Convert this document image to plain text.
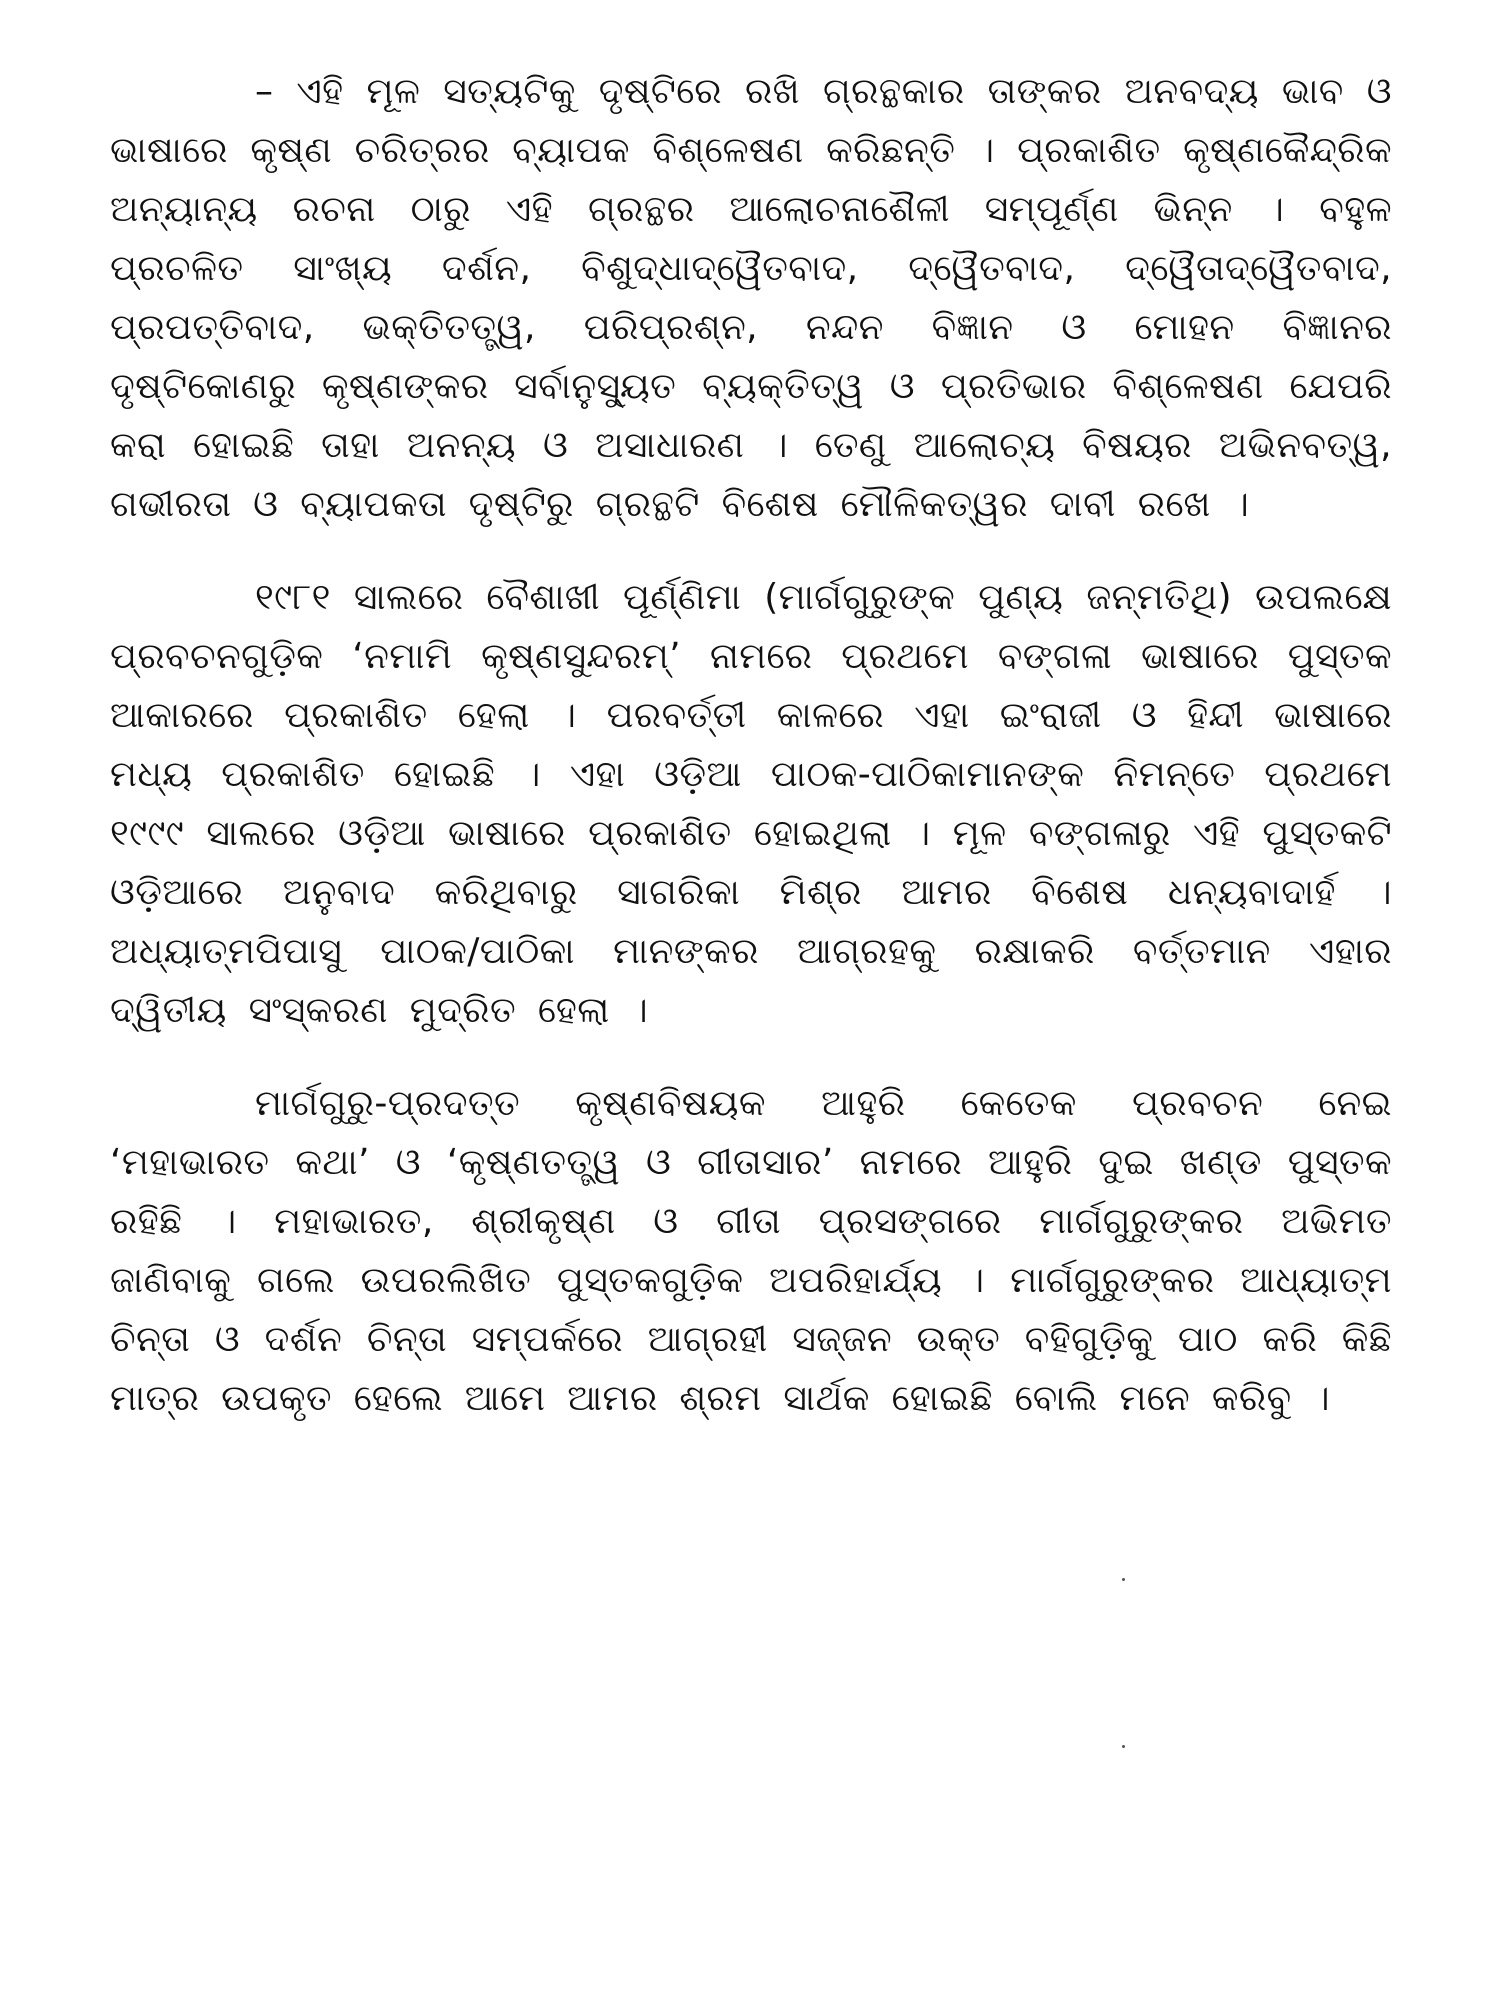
– ଏହି ମୂଳ ସତ୍ୟଟିକୁ ଦୃଷ୍ଟିରେ ରଖି ଗ୍ରନ୍ଥକାର ତାଙ୍କର ଅନବଦ୍ୟ ଭାବ ଓ ଭାଷାରେ କୃଷ୍ଣ ଚରିତ୍ରର ବ୍ୟାପକ ବିଶ୍ଳେଷଣ କରିଛନ୍ତି । ପ୍ରକାଶିତ କୃଷ୍ଣକୈନ୍ଦ୍ରିକ ଅନ୍ୟାନ୍ୟ ରଚନା ଠାରୁ ଏହି ଗ୍ରନ୍ଥର ଆଲୋଚନାଶୈଳୀ ସମ୍ପୂର୍ଣ୍ଣ ଭିନ୍ନ । ବହୁଳ ପ୍ରଚଳିତ ସାଂଖ୍ୟ ଦର୍ଶନ, ବିଶୁଦ୍ଧାଦ୍ୱୈତବାଦ, ଦ୍ୱୈତବାଦ, ଦ୍ୱୈତାଦ୍ୱୈତବାଦ, ପ୍ରପତ୍ତିବାଦ, ଭକ୍ତିତତ୍ତ୍ୱ, ପରିପ୍ରଶ୍ନ, ନନ୍ଦନ ବିଜ୍ଞାନ ଓ ମୋହନ ବିଜ୍ଞାନର ଦୃଷ୍ଟିକୋଣରୁ କୃଷ୍ଣଙ୍କର ସର୍ବାନୁସ୍ୟୁତ ବ୍ୟକ୍ତିତ୍ୱ ଓ ପ୍ରତିଭାର ବିଶ୍ଳେଷଣ ଯେପରି କରା ହୋଇଛି ତାହା ଅନନ୍ୟ ଓ ଅସାଧାରଣ । ତେଣୁ ଆଲୋଚ୍ୟ ବିଷୟର ଅଭିନବତ୍ୱ, ଗଭୀରତା ଓ ବ୍ୟାପକତା ଦୃଷ୍ଟିରୁ ଗ୍ରନ୍ଥଟି ବିଶେଷ ମୌଳିକତ୍ୱର ଦାବୀ ରଖେ ।

୧୯୮୧ ସାଲରେ ବୈଶାଖୀ ପୂର୍ଣ୍ଣିମା (ମାର୍ଗଗୁରୁଙ୍କ ପୁଣ୍ୟ ଜନ୍ମତିଥି) ଉପଲକ୍ଷେ ପ୍ରବଚନଗୁଡ଼ିକ ‘ନମାମି କୃଷ୍ଣସୁନ୍ଦରମ୍’ ନାମରେ ପ୍ରଥମେ ବଙ୍ଗଳା ଭାଷାରେ ପୁସ୍ତକ ଆକାରରେ ପ୍ରକାଶିତ ହେଲା । ପରବର୍ତ୍ତୀ କାଳରେ ଏହା ଇଂରାଜୀ ଓ ହିନ୍ଦୀ ଭାଷାରେ ମଧ୍ୟ ପ୍ରକାଶିତ ହୋଇଛି । ଏହା ଓଡ଼ିଆ ପାଠକ-ପାଠିକାମାନଙ୍କ ନିମନ୍ତେ ପ୍ରଥମେ ୧୯୯୯ ସାଲରେ ଓଡ଼ିଆ ଭାଷାରେ ପ୍ରକାଶିତ ହୋଇଥିଲା । ମୂଳ ବଙ୍ଗଳାରୁ ଏହି ପୁସ୍ତକଟି ଓଡ଼ିଆରେ ଅନୁବାଦ କରିଥିବାରୁ ସାଗରିକା ମିଶ୍ର ଆମର ବିଶେଷ ଧନ୍ୟବାଦାର୍ହ । ଅଧ୍ୟାତ୍ମପିପାସୁ ପାଠକ/ପାଠିକା ମାନଙ୍କର ଆଗ୍ରହକୁ ରକ୍ଷାକରି ବର୍ତ୍ତମାନ ଏହାର ଦ୍ୱିତୀୟ ସଂସ୍କରଣ ମୁଦ୍ରିତ ହେଲା ।

ମାର୍ଗଗୁରୁ-ପ୍ରଦତ୍ତ କୃଷ୍ଣବିଷୟକ ଆହୁରି କେତେକ ପ୍ରବଚନ ନେଇ ‘ମହାଭାରତ କଥା’ ଓ ‘କୃଷ୍ଣତତ୍ତ୍ୱ ଓ ଗୀତାସାର’ ନାମରେ ଆହୁରି ଦୁଇ ଖଣ୍ଡ ପୁସ୍ତକ ରହିଛି । ମହାଭାରତ, ଶ୍ରୀକୃଷ୍ଣ ଓ ଗୀତା ପ୍ରସଙ୍ଗରେ ମାର୍ଗଗୁରୁଙ୍କର ଅଭିମତ ଜାଣିବାକୁ ଗଲେ ଉପରଲିଖିତ ପୁସ୍ତକଗୁଡ଼ିକ ଅପରିହାର୍ଯ୍ୟ । ମାର୍ଗଗୁରୁଙ୍କର ଆଧ୍ୟାତ୍ମ ଚିନ୍ତା ଓ ଦର୍ଶନ ଚିନ୍ତା ସମ୍ପର୍କରେ ଆଗ୍ରହୀ ସଜ୍ଜନ ଉକ୍ତ ବହିଗୁଡ଼ିକୁ ପାଠ କରି କିଛି ମାତ୍ର ଉପକୃତ ହେଲେ ଆମେ ଆମର ଶ୍ରମ ସାର୍ଥକ ହୋଇଛି ବୋଲି ମନେ କରିବୁ ।
